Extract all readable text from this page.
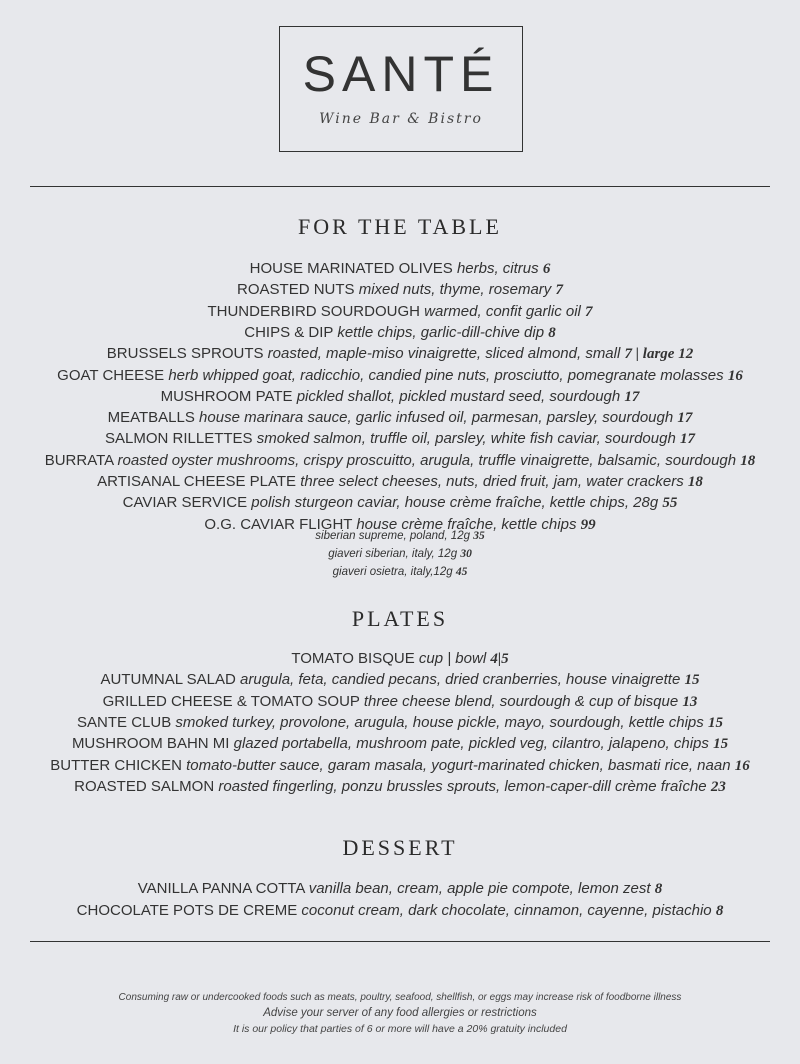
SANTÉ
Wine Bar & Bistro
FOR THE TABLE
HOUSE MARINATED OLIVES herbs, citrus 6
ROASTED NUTS mixed nuts, thyme, rosemary 7
THUNDERBIRD SOURDOUGH warmed, confit garlic oil 7
CHIPS & DIP kettle chips, garlic-dill-chive dip 8
BRUSSELS SPROUTS roasted, maple-miso vinaigrette, sliced almond, small 7 | large 12
GOAT CHEESE herb whipped goat, radicchio, candied pine nuts, prosciutto, pomegranate molasses 16
MUSHROOM PATE pickled shallot, pickled mustard seed, sourdough 17
MEATBALLS house marinara sauce, garlic infused oil, parmesan, parsley, sourdough 17
SALMON RILLETTES smoked salmon, truffle oil, parsley, white fish caviar, sourdough 17
BURRATA roasted oyster mushrooms, crispy proscuitto, arugula, truffle vinaigrette, balsamic, sourdough 18
ARTISANAL CHEESE PLATE three select cheeses, nuts, dried fruit, jam, water crackers 18
CAVIAR SERVICE polish sturgeon caviar, house crème fraîche, kettle chips, 28g 55
O.G. CAVIAR FLIGHT house crème fraîche, kettle chips 99
siberian supreme, poland, 12g 35
giaveri siberian, italy, 12g 30
giaveri osietra, italy,12g 45
PLATES
TOMATO BISQUE cup | bowl 4|5
AUTUMNAL SALAD arugula, feta, candied pecans, dried cranberries, house vinaigrette 15
GRILLED CHEESE & TOMATO SOUP three cheese blend, sourdough & cup of bisque 13
SANTE CLUB smoked turkey, provolone, arugula, house pickle, mayo, sourdough, kettle chips 15
MUSHROOM BAHN MI glazed portabella, mushroom pate, pickled veg, cilantro, jalapeno, chips 15
BUTTER CHICKEN tomato-butter sauce, garam masala, yogurt-marinated chicken, basmati rice, naan 16
ROASTED SALMON roasted fingerling, ponzu brussles sprouts, lemon-caper-dill crème fraîche 23
DESSERT
VANILLA PANNA COTTA vanilla bean, cream, apple pie compote, lemon zest 8
CHOCOLATE POTS DE CREME coconut cream, dark chocolate, cinnamon, cayenne, pistachio 8
Consuming raw or undercooked foods such as meats, poultry, seafood, shellfish, or eggs may increase risk of foodborne illness
Advise your server of any food allergies or restrictions
It is our policy that parties of 6 or more will have a 20% gratuity included
